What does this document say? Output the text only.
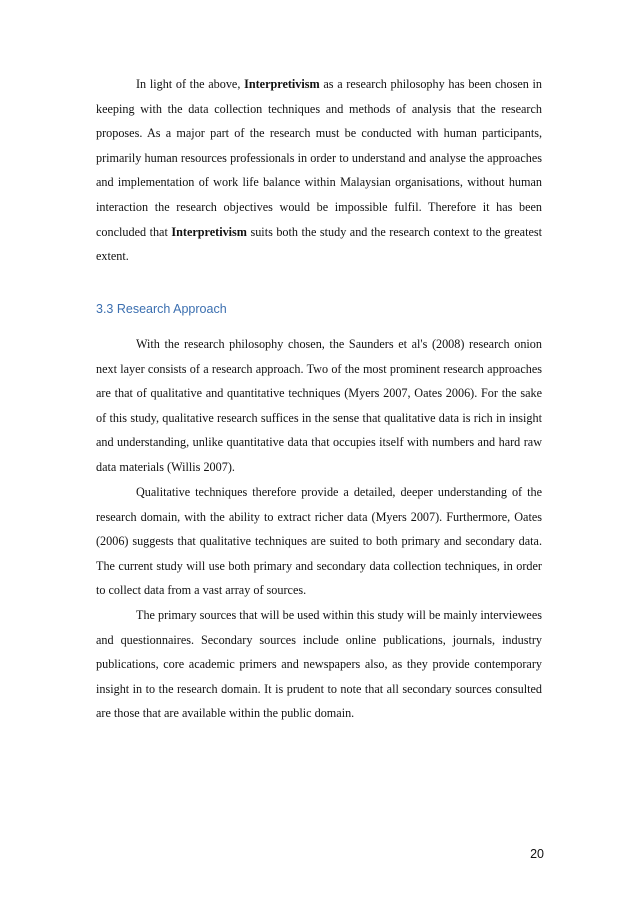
In light of the above, Interpretivism as a research philosophy has been chosen in keeping with the data collection techniques and methods of analysis that the research proposes. As a major part of the research must be conducted with human participants, primarily human resources professionals in order to understand and analyse the approaches and implementation of work life balance within Malaysian organisations, without human interaction the research objectives would be impossible fulfil. Therefore it has been concluded that Interpretivism suits both the study and the research context to the greatest extent.

3.3 Research Approach

With the research philosophy chosen, the Saunders et al's (2008) research onion next layer consists of a research approach. Two of the most prominent research approaches are that of qualitative and quantitative techniques (Myers 2007, Oates 2006). For the sake of this study, qualitative research suffices in the sense that qualitative data is rich in insight and understanding, unlike quantitative data that occupies itself with numbers and hard raw data materials (Willis 2007).

Qualitative techniques therefore provide a detailed, deeper understanding of the research domain, with the ability to extract richer data (Myers 2007). Furthermore, Oates (2006) suggests that qualitative techniques are suited to both primary and secondary data. The current study will use both primary and secondary data collection techniques, in order to collect data from a vast array of sources.

The primary sources that will be used within this study will be mainly interviewees and questionnaires. Secondary sources include online publications, journals, industry publications, core academic primers and newspapers also, as they provide contemporary insight in to the research domain. It is prudent to note that all secondary sources consulted are those that are available within the public domain.

20
